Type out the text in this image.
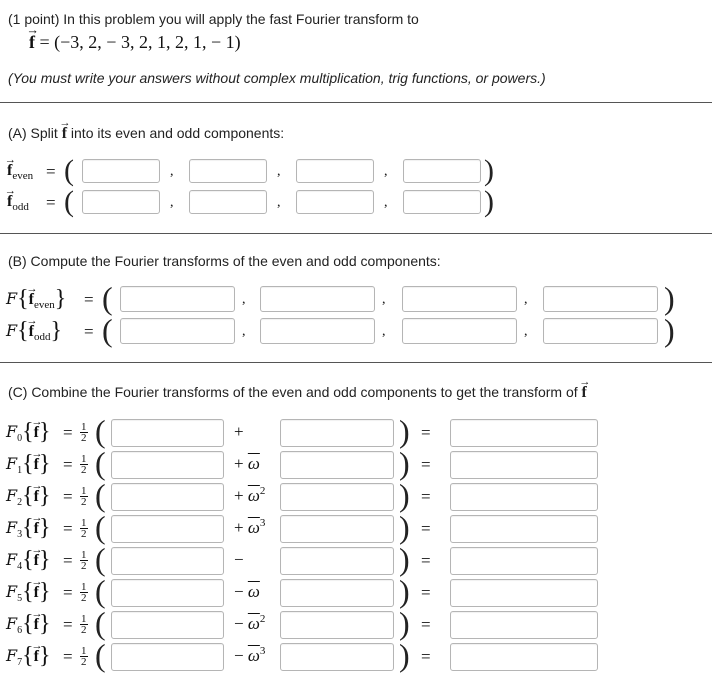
(1 point) In this problem you will apply the fast Fourier transform to
→ f = (−3, 2, − 3, 2, 1, 2, 1, − 1)
(You must write your answers without complex multiplication, trig functions, or powers.)
(A) Split → f into its even and odd components:
→ $f_{even}$ = (	,	,	,	)
→ $f_{odd}$ = (	,	,	,	)
(B) Compute the Fourier transforms of the even and odd components:
$F\{\to f_{even}\}$ = (	,	,	,	)
$F\{\to f_{odd}\}$ = (	,	,	,	)
(C) Combine the Fourier transforms of the even and odd components to get the transform of → f
$F_0\{\to f\} = \frac{1}{2}$ (	+	) =
$F_1\{\to f\} = \frac{1}{2}$ (	+ $\overline{\omega}$	) =
$F_2\{\to f\} = \frac{1}{2}$ (	+ $\overline{\omega}^2$	) =
$F_3\{\to f\} = \frac{1}{2}$ (	+ $\overline{\omega}^3$	) =
$F_4\{\to f\} = \frac{1}{2}$ (	−	) =
$F_5\{\to f\} = \frac{1}{2}$ (	− $\overline{\omega}$	) =
$F_6\{\to f\} = \frac{1}{2}$ (	− $\overline{\omega}^2$	) =
$F_7\{\to f\} = \frac{1}{2}$ (	− $\overline{\omega}^3$	) =
